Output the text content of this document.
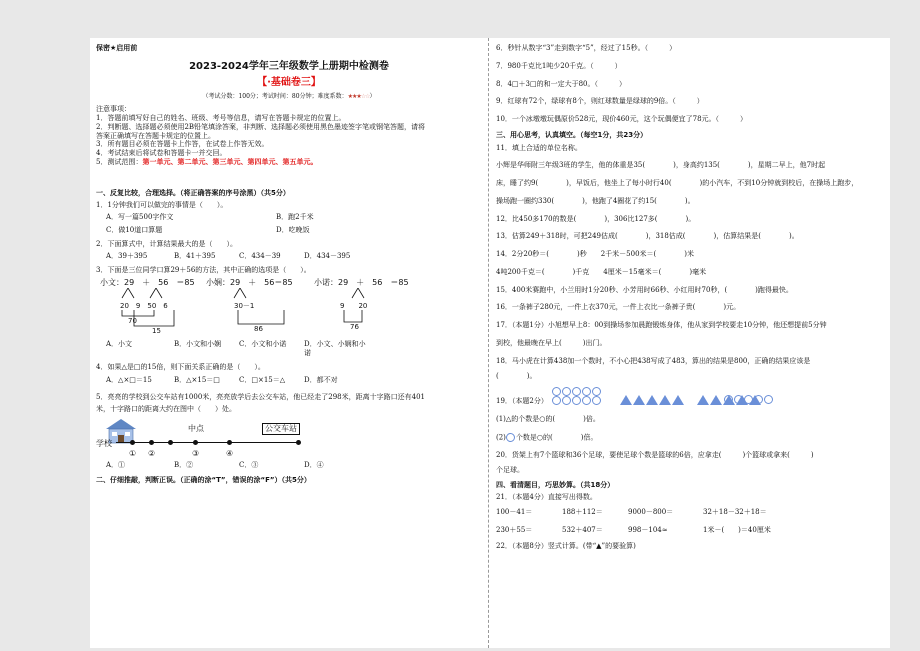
保密★启用前

2023-2024学年三年级数学上册期中检测卷

【·基础卷三】

（考试分数：100分；考试时间：80分钟；难度系数：★★★☆☆）

注意事项：

1．答题前填写好自己的姓名、班级、考号等信息，请写在答题卡规定的位置上。

2．判断题、选择题必须使用2B铅笔填涂答案，非判断、选择题必须使用黑色墨迹签字笔或钢笔答题，请将

答案正确填写在答题卡规定的位置上。

3．所有题目必须在答题卡上作答，在试卷上作答无效。

4．考试结束后将试卷和答题卡一并交回。

5．测试范围：第一单元、第二单元、第三单元、第四单元、第五单元。

一、反复比较，合理选择。（将正确答案的序号涂黑）（共5分）

1．1分钟我们可以做完的事情是（　　）。

A．写一篇500字作文	B．跑2千米
C．做10道口算题	D．吃晚饭

2．下面算式中，计算结果最大的是（　　）。

A．39＋395	B．41＋395	C．434－39	D．434－395

3．下面是三位同学口算29＋56的方法，其中正确的选项是（　　）。

小文：29　＋　56　＝85
20　9　50　6
70
15
小娴：29　＋　56＝85
30－1
86
小诺：29　＋　56　＝85
9　　20
76
A．小文	B．小文和小娴	C．小文和小诺	D．小文、小娴和小诺

4．如果△是□的15倍，则下面关系正确的是（　　）。

A．△×□＝15	B．△×15＝□	C．□×15＝△	D．都不对

5．亮亮的学校到公交车站有1000米，亮亮放学后去公交车站，他已经走了298米，距离十字路口还有401

米，十字路口的距离大约在图中（　　）处。

学校
中点	公交车站
① ②	③	④
A．①	B．②	C．③	D．④

二、仔细推敲，判断正误。（正确的涂“T”，错误的涂“F”）（共5分）

6．秒针从数字“3”走到数字“5”，经过了15秒。（　　　）

7．980千克比1吨少20千克。（　　　）

8．4□＋3□的和一定大于80。（　　　）

9．红球有72个，绿球有8个，则红球数量是绿球的9倍。（　　　）

10．一个冰墩墩玩偶原价528元，现价460元，这个玩偶便宜了78元。（　　　）

三、用心思考，认真填空。（每空1分，共23分）

11．填上合适的单位名称。

小辉是华师附三年级3班的学生，他的体重是35(　　　　)，身高约135(　　　　)，星期二早上，他7时起

床，睡了约9(　　　　)，早饭后，他坐上了每小时行40(　　　　)的小汽车，不到10分钟就到校后，在操场上跑步，

操场跑一圈约330(　　　　)，他跑了4圈花了约15(　　　　)。

12．比450多170的数是(　　　　)，306比127多(　　　　)。

13．估算249＋318时，可把249估成(　　　　)，318估成(　　　　)，估算结果是(　　　　)。

14．2分20秒＝(　　　　)秒　　2千米－500米＝(　　　　)米

4吨200千克＝(　　　　)千克　　4厘米－15毫米＝(　　　　)毫米

15．400米赛跑中，小兰用时1分20秒、小芳用时66秒、小红用时70秒，(　　　　)跑得最快。

16．一条裤子280元，一件上衣370元，一件上衣比一条裤子贵(　　　　)元。

17．（本题1分）小旭想早上8：00到操场参加晨跑锻炼身体，他从家到学校要走10分钟，他还想提前5分钟

到校，他最晚在早上(　　　)出门。

18．马小虎在计算438加一个数时，不小心把438写成了483，算出的结果是800，正确的结果应该是

(　　　　)。

19．（本题2分）

(1)△的个数是○的(　　　　)倍。

(2) 个数是○的(　　　　)倍。

20．货架上有7个篮球和36个足球，要使足球个数是篮球的6倍，应拿走(　　　)个篮球或拿来(　　　)

个足球。

四、看清题目，巧思妙算。（共18分）

21．（本题4分）直接写出得数。

100－41＝	188＋112＝	9000－800＝	32＋18－32＋18＝
230＋55＝	532＋407＝	998－104≈	1米－(　　)＝40厘米

22．（本题8分）竖式计算。(带“▲”的要验算)
